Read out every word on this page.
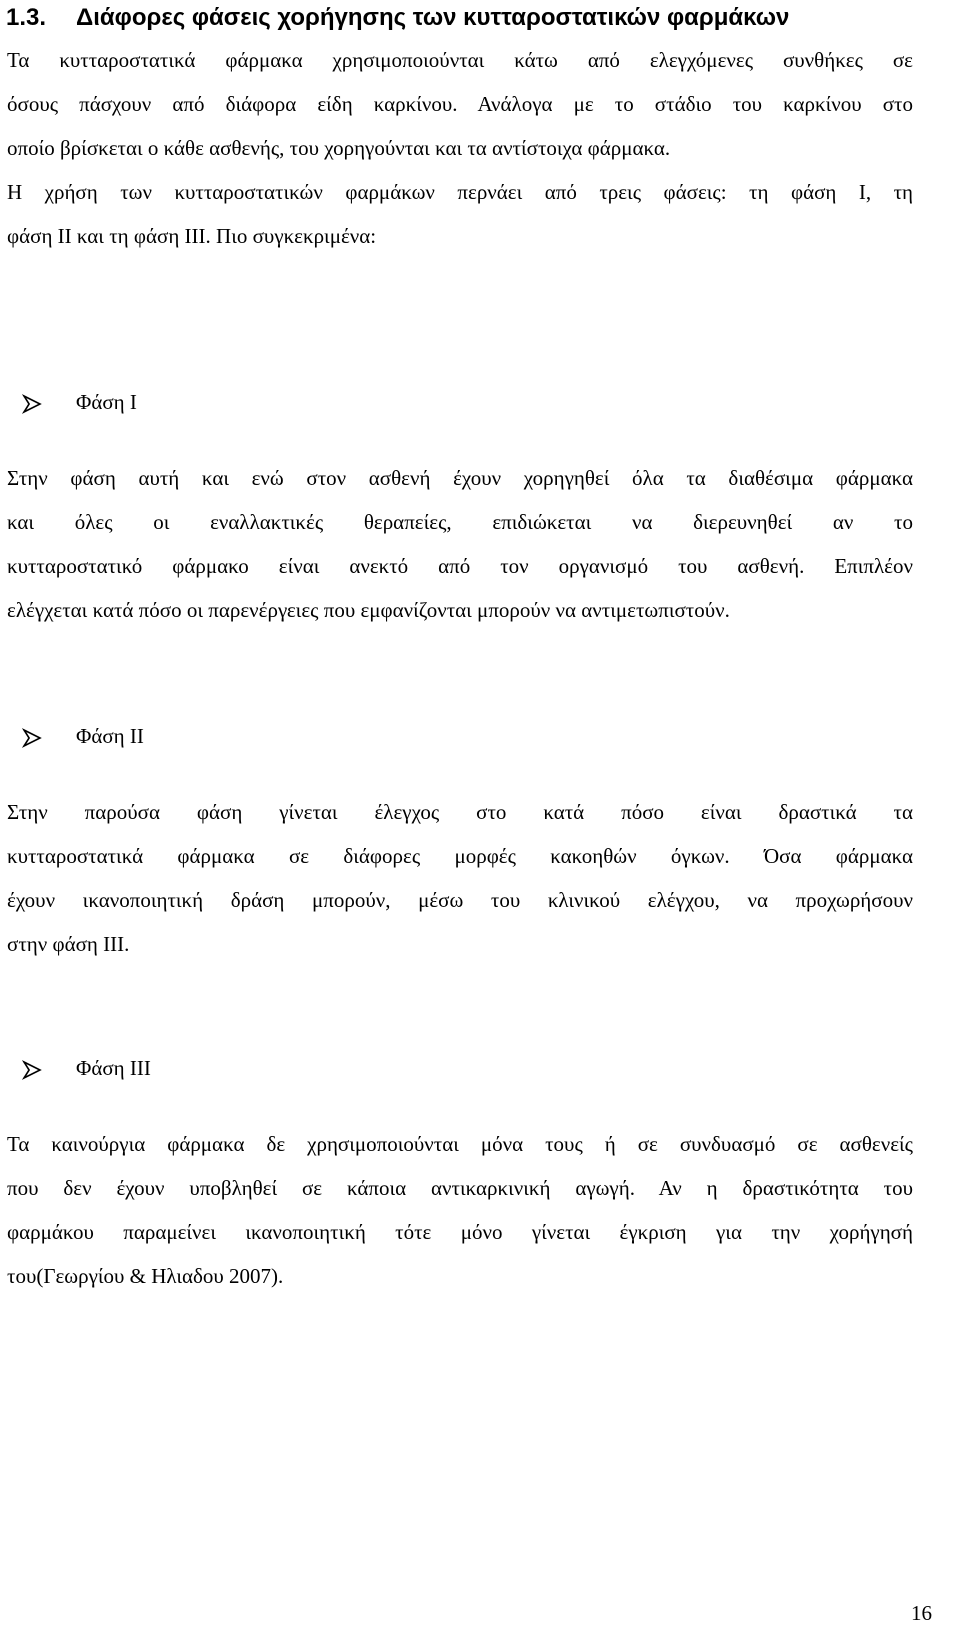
1.3. Διάφορες φάσεις χορήγησης των κυτταροστατικών φαρμάκων
Τα κυτταροστατικά φάρμακα χρησιμοποιούνται κάτω από ελεγχόμενες συνθήκες σε
όσους πάσχουν από διάφορα είδη καρκίνου. Ανάλογα με το στάδιο του καρκίνου στο
οποίο βρίσκεται ο κάθε ασθενής, του χορηγούνται και τα αντίστοιχα φάρμακα.
Η χρήση των κυτταροστατικών φαρμάκων περνάει από τρεις φάσεις: τη φάση Ι, τη
φάση ΙΙ και τη φάση ΙΙΙ. Πιο συγκεκριμένα:
Φάση Ι
Στην φάση αυτή και ενώ στον ασθενή έχουν χορηγηθεί όλα τα διαθέσιμα φάρμακα
και όλες οι εναλλακτικές θεραπείες, επιδιώκεται να διερευνηθεί αν το
κυτταροστατικό φάρμακο είναι ανεκτό από τον οργανισμό του ασθενή. Επιπλέον
ελέγχεται κατά πόσο οι παρενέργειες που εμφανίζονται μπορούν να αντιμετωπιστούν.
Φάση ΙΙ
Στην παρούσα φάση γίνεται έλεγχος στο κατά πόσο είναι δραστικά τα
κυτταροστατικά φάρμακα σε διάφορες μορφές κακοηθών όγκων. Όσα φάρμακα
έχουν ικανοποιητική δράση μπορούν, μέσω του κλινικού ελέγχου, να προχωρήσουν
στην φάση ΙΙΙ.
Φάση ΙΙΙ
Τα καινούργια φάρμακα δε χρησιμοποιούνται μόνα τους ή σε συνδυασμό σε ασθενείς
που δεν έχουν υποβληθεί σε κάποια αντικαρκινική αγωγή. Αν η δραστικότητα του
φαρμάκου παραμείνει ικανοποιητική τότε μόνο γίνεται έγκριση για την χορήγησή
του(Γεωργίου & Ηλιαδου 2007).
16
